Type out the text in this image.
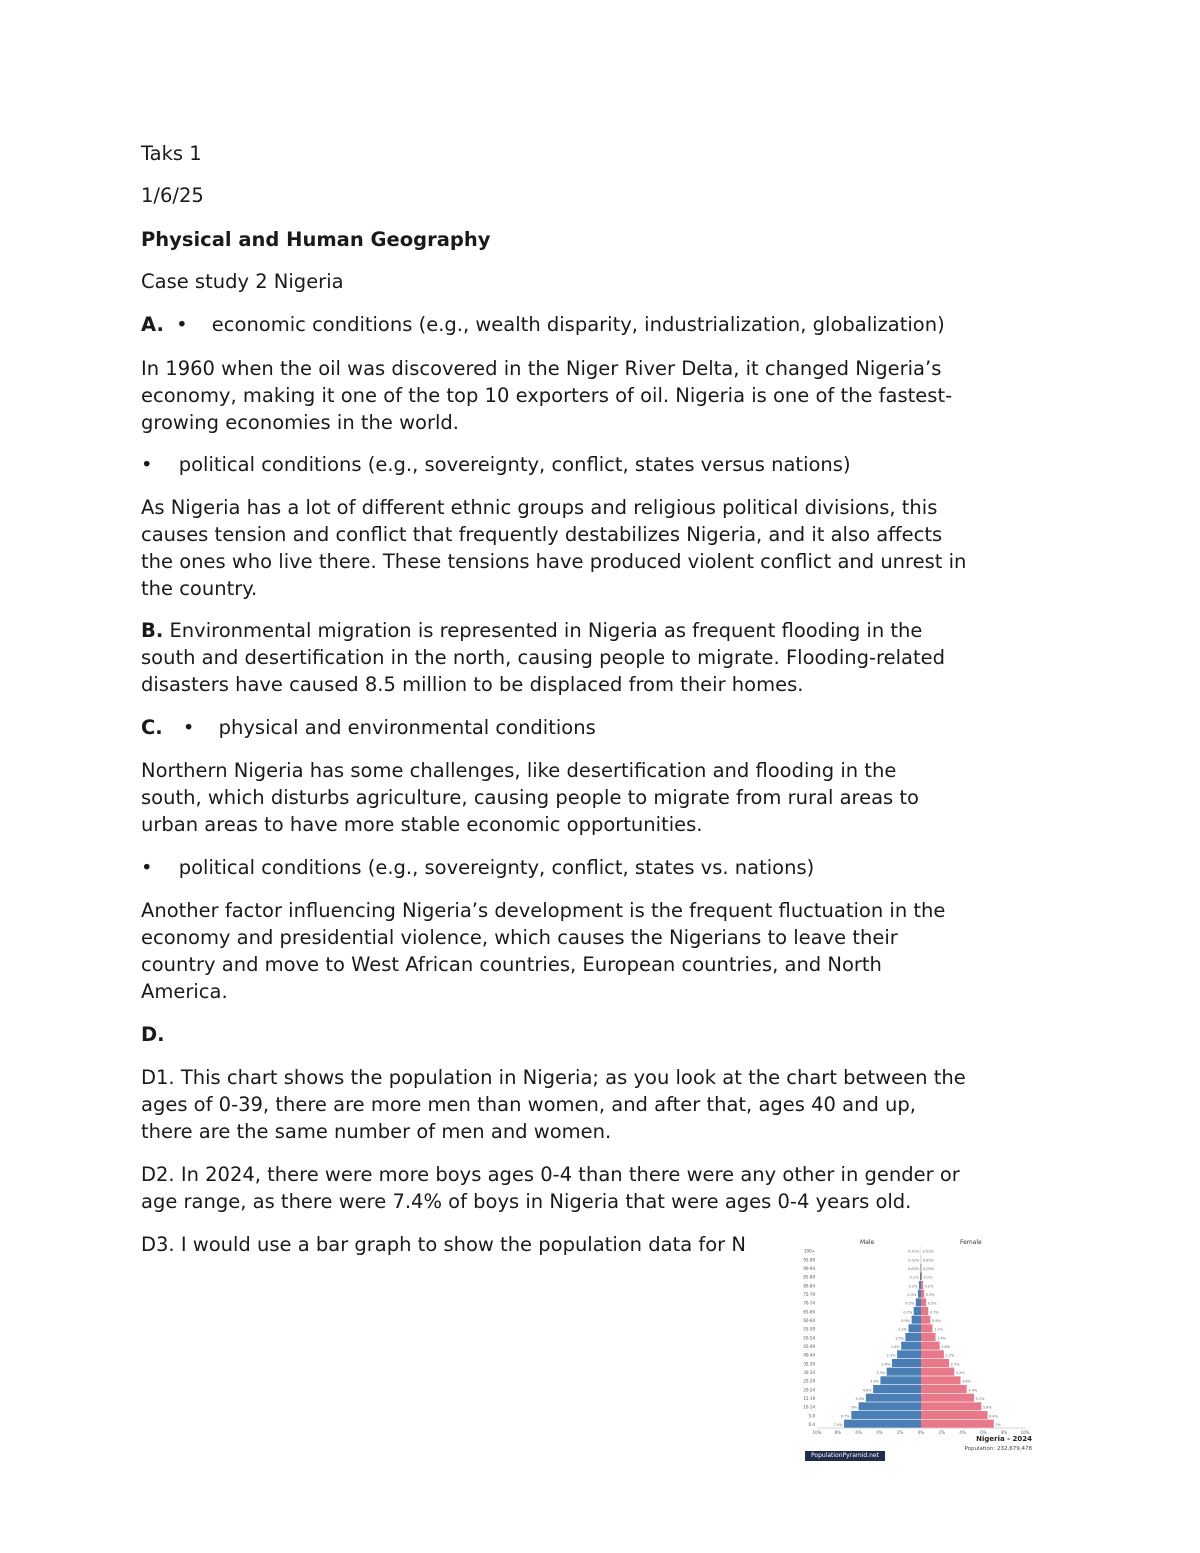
Taks 1
1/6/25
Physical and Human Geography
Case study 2 Nigeria
A. • economic conditions (e.g., wealth disparity, industrialization, globalization)
In 1960 when the oil was discovered in the Niger River Delta, it changed Nigeria’s
economy, making it one of the top 10 exporters of oil. Nigeria is one of the fastest-
growing economies in the world.
• political conditions (e.g., sovereignty, conflict, states versus nations)
As Nigeria has a lot of different ethnic groups and religious political divisions, this
causes tension and conflict that frequently destabilizes Nigeria, and it also affects
the ones who live there. These tensions have produced violent conflict and unrest in
the country.
B. Environmental migration is represented in Nigeria as frequent flooding in the
south and desertification in the north, causing people to migrate. Flooding-related
disasters have caused 8.5 million to be displaced from their homes.
C. • physical and environmental conditions
Northern Nigeria has some challenges, like desertification and flooding in the
south, which disturbs agriculture, causing people to migrate from rural areas to
urban areas to have more stable economic opportunities.
• political conditions (e.g., sovereignty, conflict, states vs. nations)
Another factor influencing Nigeria’s development is the frequent fluctuation in the
economy and presidential violence, which causes the Nigerians to leave their
country and move to West African countries, European countries, and North
America.
D.
D1. This chart shows the population in Nigeria; as you look at the chart between the
ages of 0-39, there are more men than women, and after that, ages 40 and up,
there are the same number of men and women.
D2. In 2024, there were more boys ages 0-4 than there were any other in gender or
age range, as there were 7.4% of boys in Nigeria that were ages 0-4 years old.
D3. I would use a bar graph to show the population data for N
0-4	7.4%	7%
5-9	6.7%	6.4%
10-14	6%	5.8%
15-19	5.3%	5.1%
20-24	4.6%	4.4%
25-29	3.9%	3.8%
30-34	3.3%	3.2%
35-39	2.8%	2.7%
40-44	2.3%	2.2%
45-49	1.9%	1.8%
50-54	1.5%	1.4%
55-59	1.2%	1.1%
60-64	0.9%	0.9%
65-69	0.7%	0.7%
70-74	0.5%	0.5%
75-79	0.3%	0.3%
80-84	0.2% 0.2%
85-89	0.1% 0.1%
90-94	0.05% 0.05%
95-99	0.02% 0.02%
100+	0.01% 0.01%
10%	8%	6%	4%	2%	0%	2%	4%	6%	8%	10%
Male	Female
Nigeria - 2024
Population: 232,679,478
PopulationPyramid.net
